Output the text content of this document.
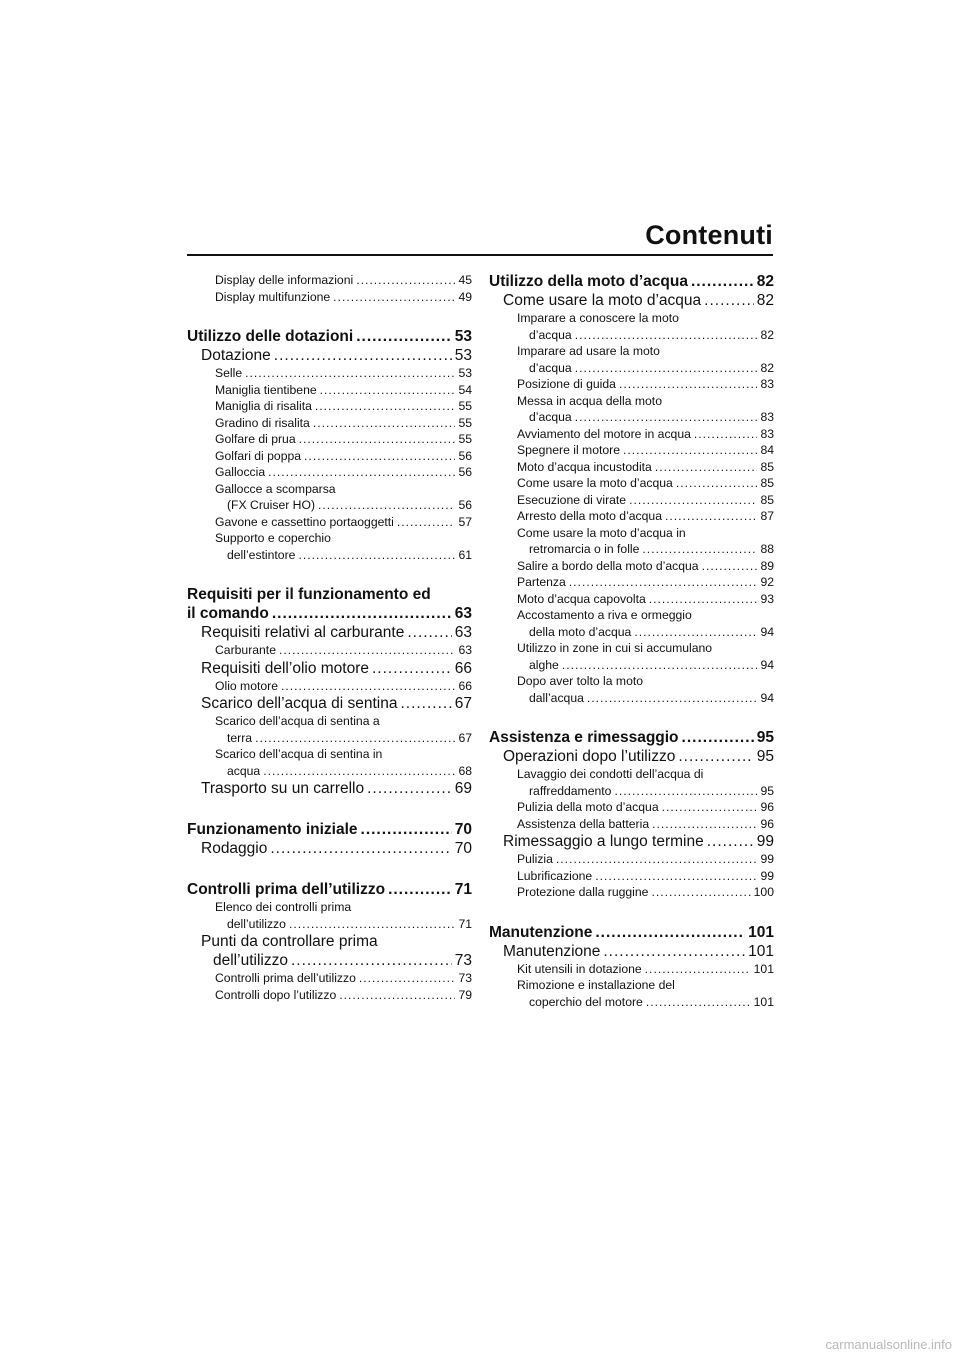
Contenuti
Display delle informazioni .....	45
Display multifunzione .....	49
Utilizzo delle dotazioni .....	53
Dotazione .....	53
Selle .....	53
Maniglia tientibene .....	54
Maniglia di risalita .....	55
Gradino di risalita .....	55
Golfare di prua .....	55
Golfari di poppa .....	56
Galloccia .....	56
Gallocce a scomparsa
(FX Cruiser HO) .....	56
Gavone e cassettino portaoggetti .....	57
Supporto e coperchio
dell’estintore .....	61
Requisiti per il funzionamento ed
il comando .....	63
Requisiti relativi al carburante .....	63
Carburante .....	63
Requisiti dell’olio motore .....	66
Olio motore .....	66
Scarico dell’acqua di sentina .....	67
Scarico dell’acqua di sentina a
terra .....	67
Scarico dell’acqua di sentina in
acqua .....	68
Trasporto su un carrello .....	69
Funzionamento iniziale .....	70
Rodaggio .....	70
Controlli prima dell’utilizzo .....	71
Elenco dei controlli prima
dell’utilizzo .....	71
Punti da controllare prima
dell’utilizzo .....	73
Controlli prima dell’utilizzo .....	73
Controlli dopo l’utilizzo .....	79
Utilizzo della moto d’acqua .....	82
Come usare la moto d’acqua .....	82
Imparare a conoscere la moto
d’acqua .....	82
Imparare ad usare la moto
d’acqua .....	82
Posizione di guida .....	83
Messa in acqua della moto
d’acqua .....	83
Avviamento del motore in acqua .....	83
Spegnere il motore .....	84
Moto d’acqua incustodita .....	85
Come usare la moto d’acqua .....	85
Esecuzione di virate .....	85
Arresto della moto d’acqua .....	87
Come usare la moto d’acqua in
retromarcia o in folle .....	88
Salire a bordo della moto d’acqua .....	89
Partenza .....	92
Moto d’acqua capovolta .....	93
Accostamento a riva e ormeggio
della moto d’acqua .....	94
Utilizzo in zone in cui si accumulano
alghe .....	94
Dopo aver tolto la moto
dall’acqua .....	94
Assistenza e rimessaggio .....	95
Operazioni dopo l’utilizzo .....	95
Lavaggio dei condotti dell’acqua di
raffreddamento .....	95
Pulizia della moto d’acqua .....	96
Assistenza della batteria .....	96
Rimessaggio a lungo termine .....	99
Pulizia .....	99
Lubrificazione .....	99
Protezione dalla ruggine .....	100
Manutenzione .....	101
Manutenzione .....	101
Kit utensili in dotazione .....	101
Rimozione e installazione del
coperchio del motore .....	101
carmanualsonline.info
